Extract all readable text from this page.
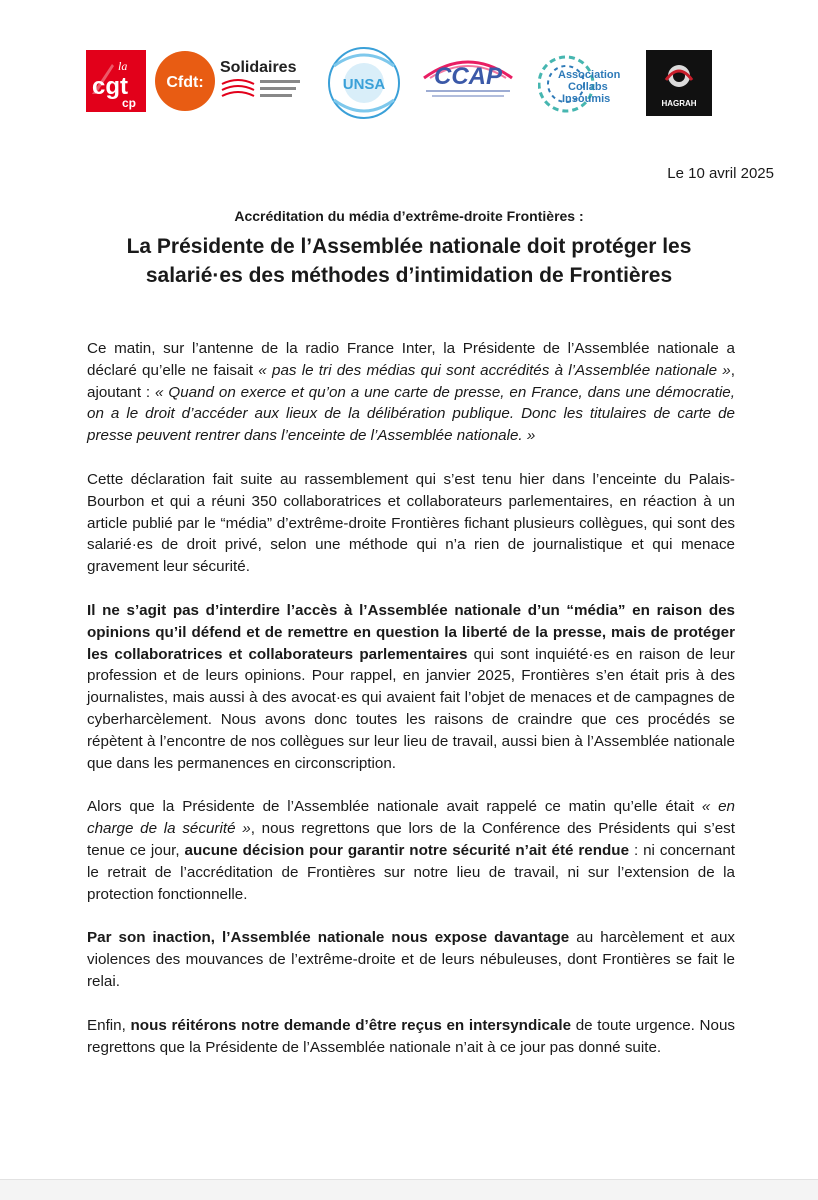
la
cgt
cp
Cfdt:
Solidaires
UNSA CCAP	Association
Collabs
Insoumis	HAGRAH
Le 10 avril 2025
Accréditation du média d’extrême-droite Frontières :
La Présidente de l’Assemblée nationale doit protéger les
salarié·es des méthodes d’intimidation de Frontières

Ce matin, sur l’antenne de la radio France Inter, la Présidente de l’Assemblée nationale a déclaré qu’elle ne faisait « pas le tri des médias qui sont accrédités à l’Assemblée nationale », ajoutant : « Quand on exerce et qu’on a une carte de presse, en France, dans une démocratie, on a le droit d’accéder aux lieux de la délibération publique. Donc les titulaires de carte de presse peuvent rentrer dans l’enceinte de l’Assemblée nationale. »

Cette déclaration fait suite au rassemblement qui s’est tenu hier dans l’enceinte du Palais-Bourbon et qui a réuni 350 collaboratrices et collaborateurs parlementaires, en réaction à un article publié par le “média” d’extrême-droite Frontières fichant plusieurs collègues, qui sont des salarié·es de droit privé, selon une méthode qui n’a rien de journalistique et qui menace gravement leur sécurité.

Il ne s’agit pas d’interdire l’accès à l’Assemblée nationale d’un “média” en raison des opinions qu’il défend et de remettre en question la liberté de la presse, mais de protéger les collaboratrices et collaborateurs parlementaires qui sont inquiété·es en raison de leur profession et de leurs opinions. Pour rappel, en janvier 2025, Frontières s’en était pris à des journalistes, mais aussi à des avocat·es qui avaient fait l’objet de menaces et de campagnes de cyberharcèlement. Nous avons donc toutes les raisons de craindre que ces procédés se répètent à l’encontre de nos collègues sur leur lieu de travail, aussi bien à l’Assemblée nationale que dans les permanences en circonscription.

Alors que la Présidente de l’Assemblée nationale avait rappelé ce matin qu’elle était « en charge de la sécurité », nous regrettons que lors de la Conférence des Présidents qui s’est tenue ce jour, aucune décision pour garantir notre sécurité n’ait été rendue : ni concernant le retrait de l’accréditation de Frontières sur notre lieu de travail, ni sur l’extension de la protection fonctionnelle.

Par son inaction, l’Assemblée nationale nous expose davantage au harcèlement et aux violences des mouvances de l’extrême-droite et de leurs nébuleuses, dont Frontières se fait le relai.

Enfin, nous réitérons notre demande d’être reçus en intersyndicale de toute urgence. Nous regrettons que la Présidente de l’Assemblée nationale n’ait à ce jour pas donné suite.
